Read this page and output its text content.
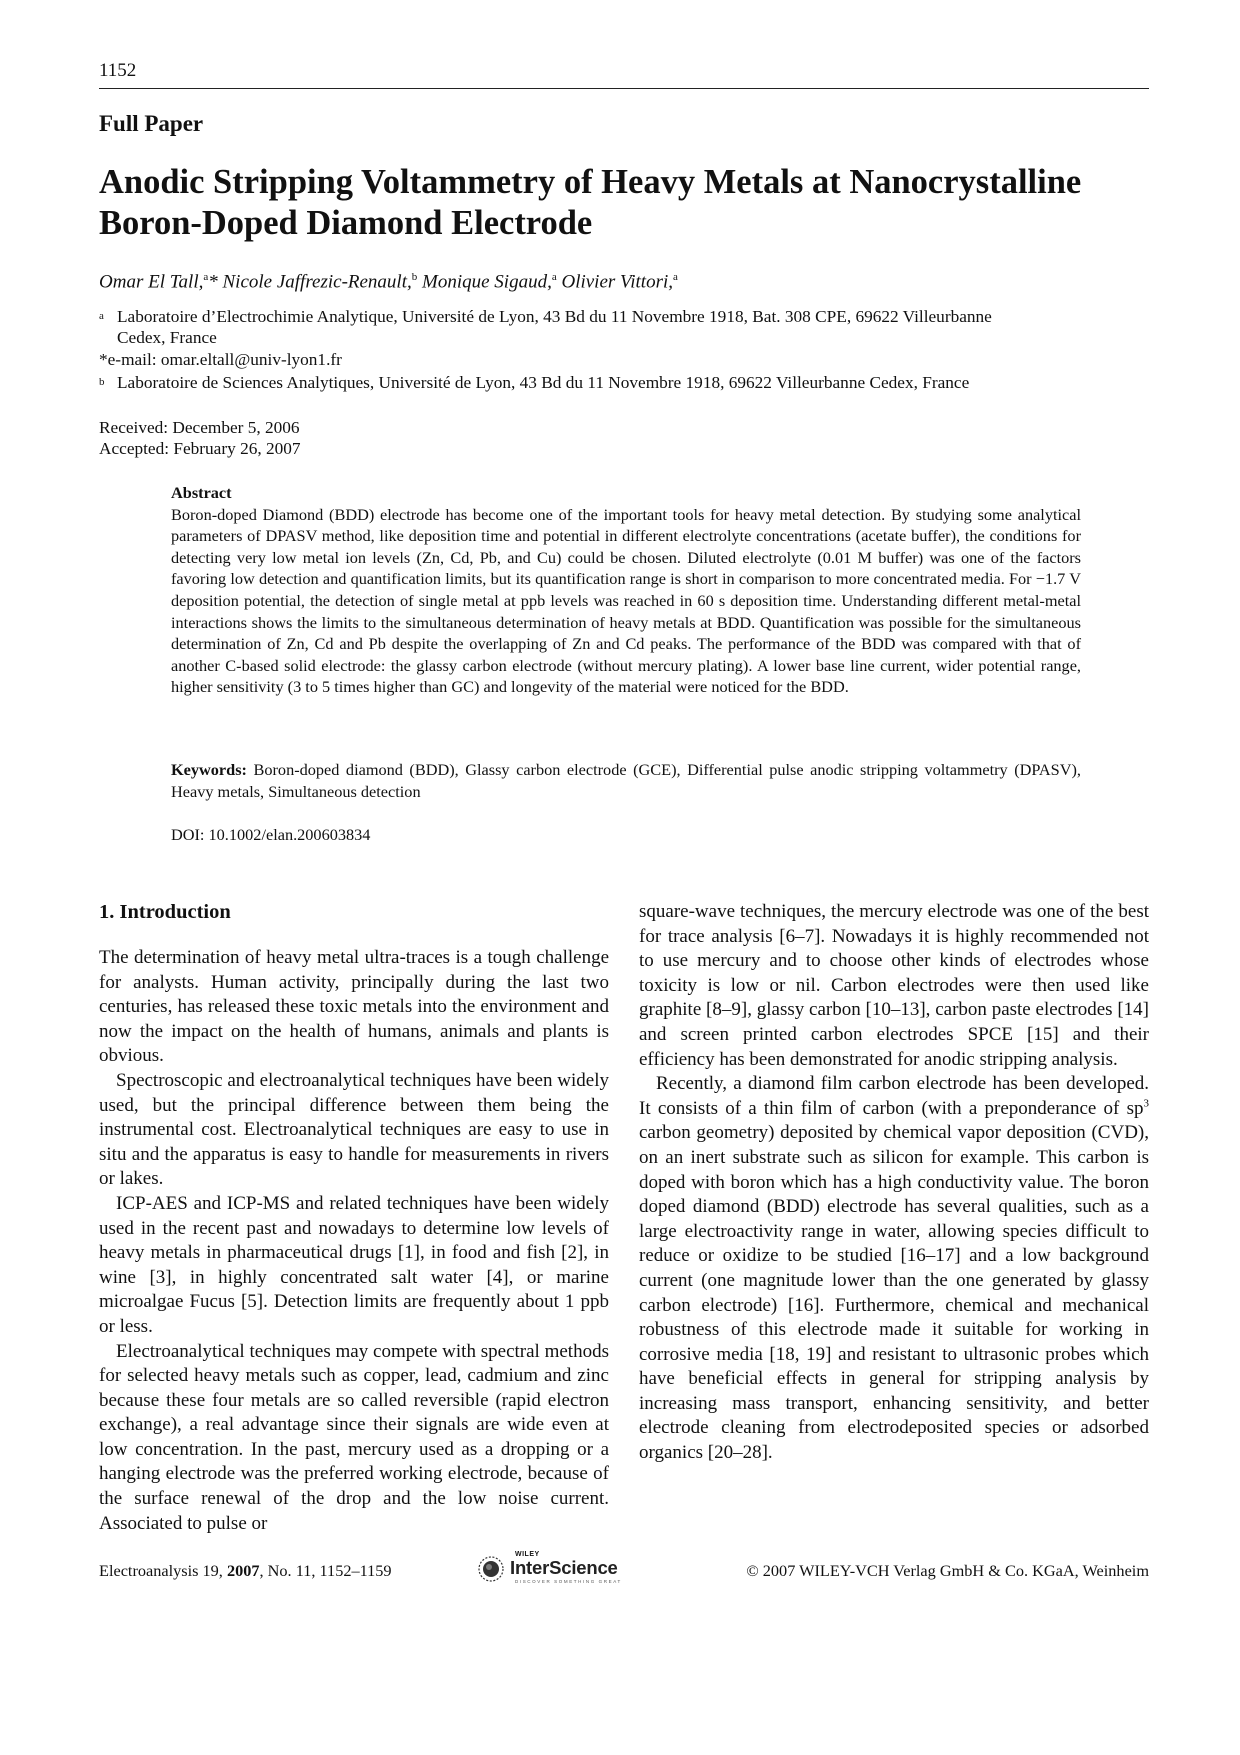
1152
Full Paper
Anodic Stripping Voltammetry of Heavy Metals at Nanocrystalline
Boron-Doped Diamond Electrode
Omar El Tall,$^a$* Nicole Jaffrezic-Renault,$^b$ Monique Sigaud,$^a$ Olivier Vittori,$^a$
a Laboratoire d’Electrochimie Analytique, Université de Lyon, 43 Bd du 11 Novembre 1918, Bat. 308 CPE, 69622 Villeurbanne
Cedex, France
*e-mail: omar.eltall@univ-lyon1.fr
b Laboratoire de Sciences Analytiques, Université de Lyon, 43 Bd du 11 Novembre 1918, 69622 Villeurbanne Cedex, France
Received: December 5, 2006
Accepted: February 26, 2007
Abstract
Boron-doped Diamond (BDD) electrode has become one of the important tools for heavy metal detection. By studying some analytical parameters of DPASV method, like deposition time and potential in different electrolyte concentrations (acetate buffer), the conditions for detecting very low metal ion levels (Zn, Cd, Pb, and Cu) could be chosen. Diluted electrolyte (0.01 M buffer) was one of the factors favoring low detection and quantification limits, but its quantification range is short in comparison to more concentrated media. For −1.7 V deposition potential, the detection of single metal at ppb levels was reached in 60 s deposition time. Understanding different metal-metal interactions shows the limits to the simultaneous determination of heavy metals at BDD. Quantification was possible for the simultaneous determination of Zn, Cd and Pb despite the overlapping of Zn and Cd peaks. The performance of the BDD was compared with that of another C-based solid electrode: the glassy carbon electrode (without mercury plating). A lower base line current, wider potential range, higher sensitivity (3 to 5 times higher than GC) and longevity of the material were noticed for the BDD.
Keywords: Boron-doped diamond (BDD), Glassy carbon electrode (GCE), Differential pulse anodic stripping voltammetry (DPASV), Heavy metals, Simultaneous detection
DOI: 10.1002/elan.200603834
1. Introduction

The determination of heavy metal ultra-traces is a tough challenge for analysts. Human activity, principally during the last two centuries, has released these toxic metals into the environment and now the impact on the health of humans, animals and plants is obvious.

Spectroscopic and electroanalytical techniques have been widely used, but the principal difference between them being the instrumental cost. Electroanalytical techniques are easy to use in situ and the apparatus is easy to handle for measurements in rivers or lakes.

ICP-AES and ICP-MS and related techniques have been widely used in the recent past and nowadays to determine low levels of heavy metals in pharmaceutical drugs [1], in food and fish [2], in wine [3], in highly concentrated salt water [4], or marine microalgae Fucus [5]. Detection limits are frequently about 1 ppb or less.

Electroanalytical techniques may compete with spectral methods for selected heavy metals such as copper, lead, cadmium and zinc because these four metals are so called reversible (rapid electron exchange), a real advantage since their signals are wide even at low concentration. In the past, mercury used as a dropping or a hanging electrode was the preferred working electrode, because of the surface renewal of the drop and the low noise current. Associated to pulse or

square-wave techniques, the mercury electrode was one of the best for trace analysis [6–7]. Nowadays it is highly recommended not to use mercury and to choose other kinds of electrodes whose toxicity is low or nil. Carbon electrodes were then used like graphite [8–9], glassy carbon [10–13], carbon paste electrodes [14] and screen printed carbon electrodes SPCE [15] and their efficiency has been demonstrated for anodic stripping analysis.

Recently, a diamond film carbon electrode has been developed. It consists of a thin film of carbon (with a preponderance of $sp^3$ carbon geometry) deposited by chemical vapor deposition (CVD), on an inert substrate such as silicon for example. This carbon is doped with boron which has a high conductivity value. The boron doped diamond (BDD) electrode has several qualities, such as a large electroactivity range in water, allowing species difficult to reduce or oxidize to be studied [16–17] and a low background current (one magnitude lower than the one generated by glassy carbon electrode) [16]. Furthermore, chemical and mechanical robustness of this electrode made it suitable for working in corrosive media [18, 19] and resistant to ultrasonic probes which have beneficial effects in general for stripping analysis by increasing mass transport, enhancing sensitivity, and better electrode cleaning from electrodeposited species or adsorbed organics [20–28].

Electroanalysis 19, 2007, No. 11, 1152–1159
WILEY
InterScience
DISCOVER SOMETHING GREAT
© 2007 WILEY-VCH Verlag GmbH & Co. KGaA, Weinheim
